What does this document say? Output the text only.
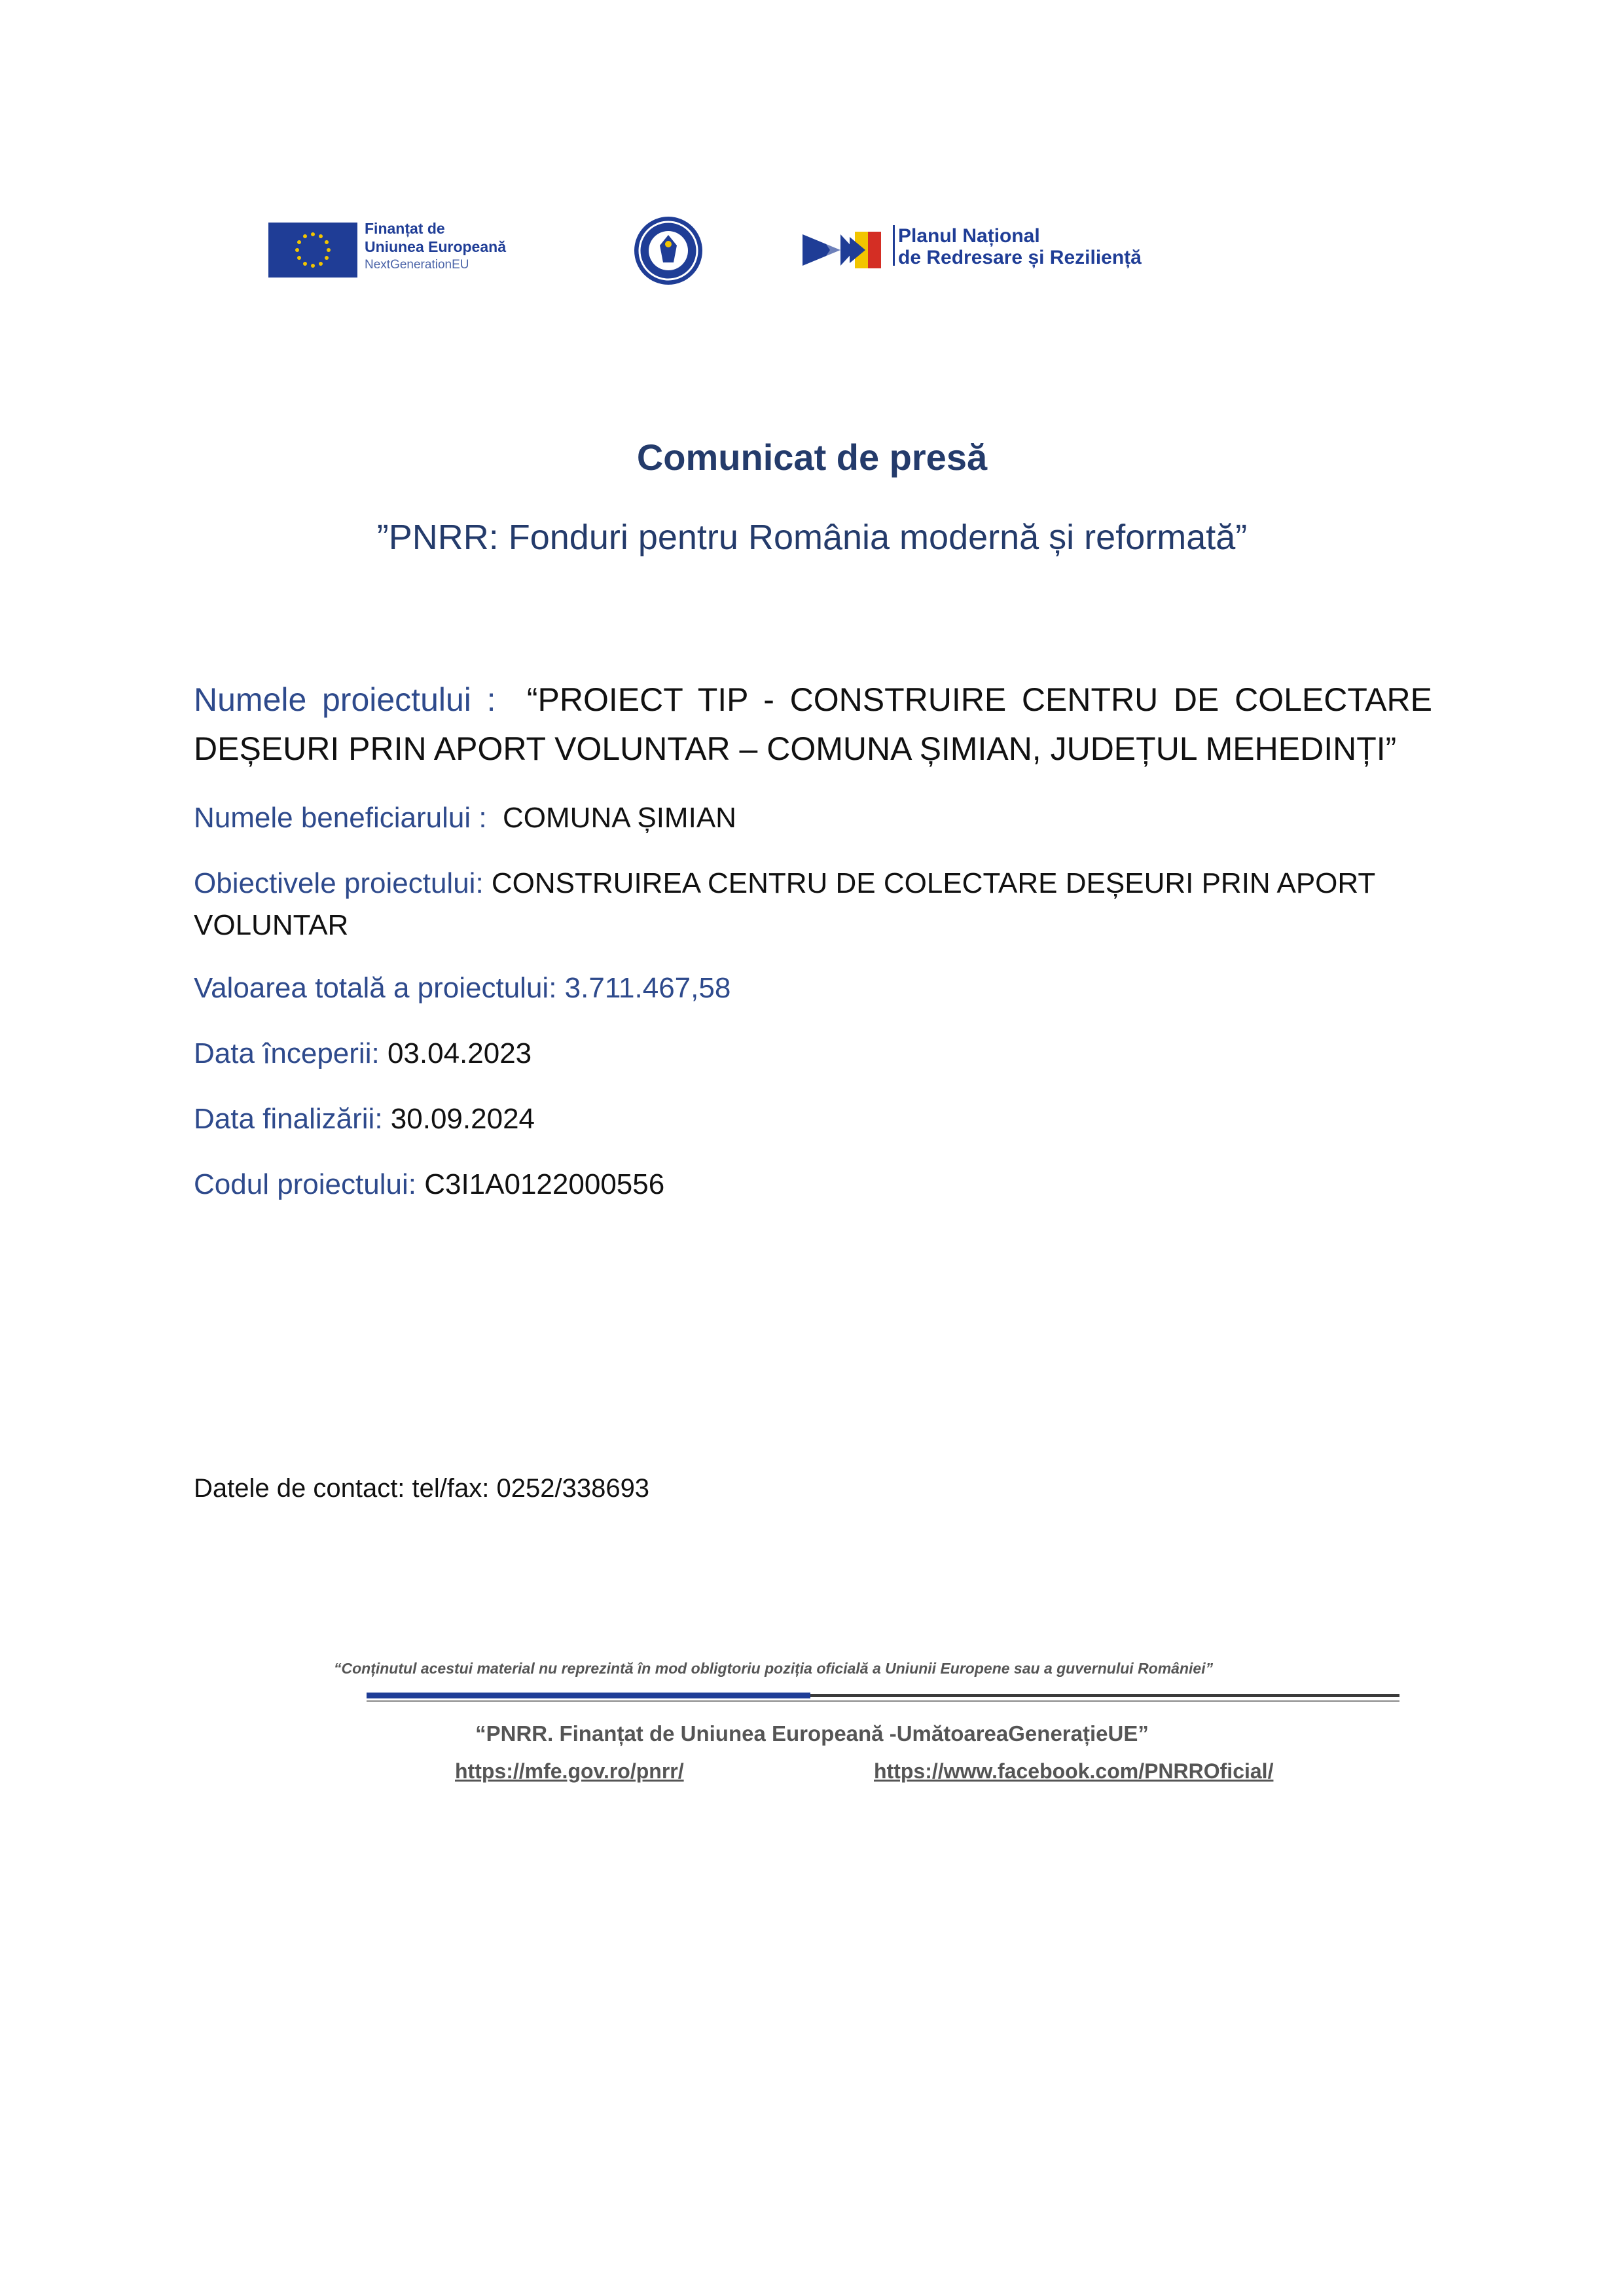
Finanțat de
Uniunea Europeană
NextGenerationEU
Planul Național
de Redresare și Reziliență
Comunicat de presă
”PNRR: Fonduri pentru România modernă și reformată”
Numele proiectului : “PROIECT TIP - CONSTRUIRE CENTRU DE COLECTARE DEȘEURI PRIN APORT VOLUNTAR – COMUNA ȘIMIAN, JUDEȚUL MEHEDINȚI”
Numele beneficiarului : COMUNA ȘIMIAN
Obiectivele proiectului: CONSTRUIREA CENTRU DE COLECTARE DEȘEURI PRIN APORT VOLUNTAR
Valoarea totală a proiectului: 3.711.467,58
Data începerii: 03.04.2023
Data finalizării: 30.09.2024
Codul proiectului: C3I1A0122000556
Datele de contact: tel/fax: 0252/338693
“Conținutul acestui material nu reprezintă în mod obligtoriu poziția oficială a Uniunii Europene sau a guvernului României”
“PNRR. Finanțat de Uniunea Europeană -UmătoareaGenerațieUE”
https://mfe.gov.ro/pnrr/	https://www.facebook.com/PNRROficial/
